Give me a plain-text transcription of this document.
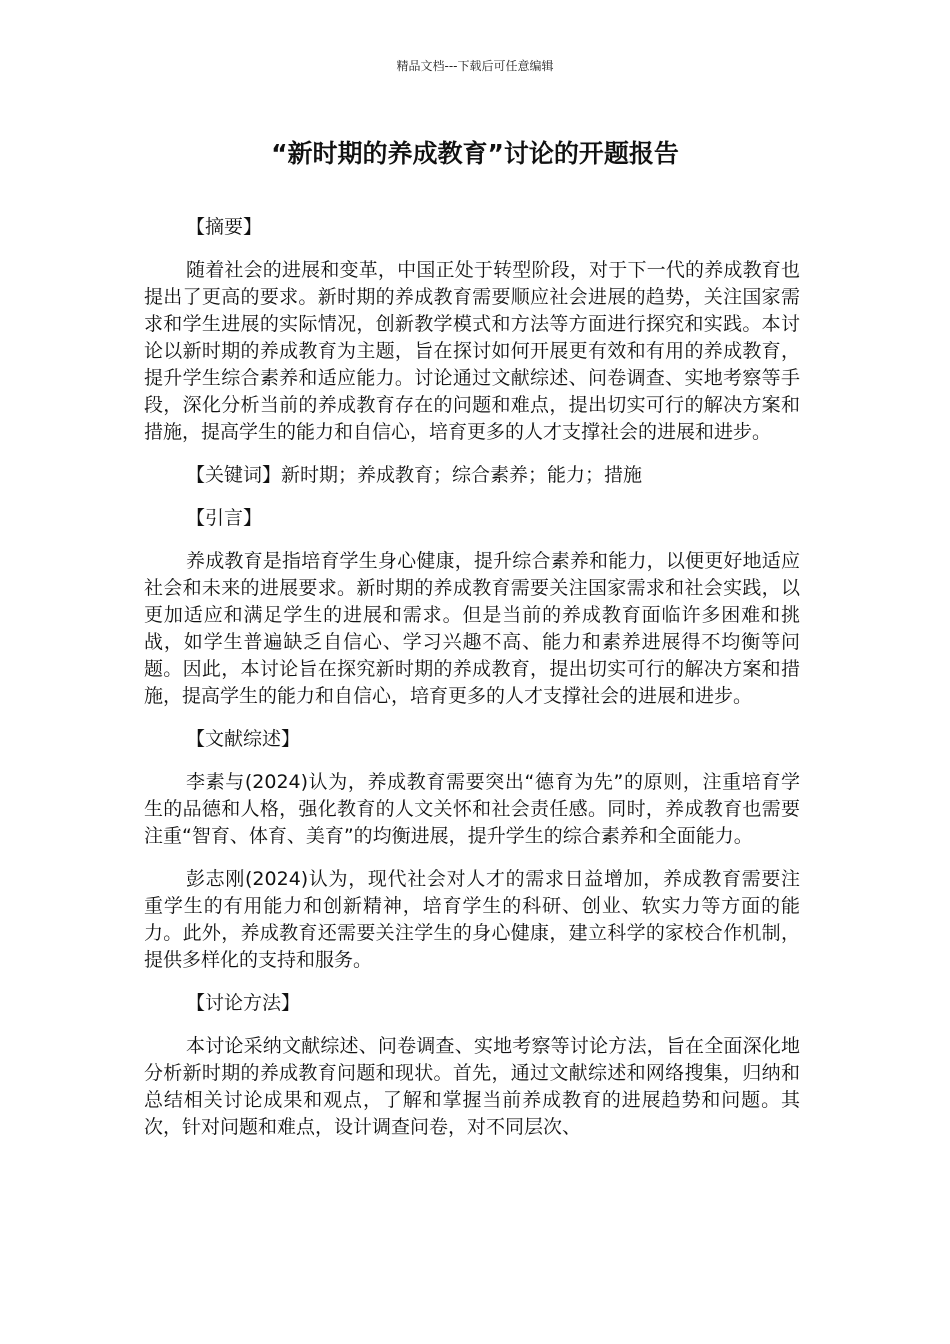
精品文档---下载后可任意编辑
“新时期的养成教育”讨论的开题报告

【摘要】

随着社会的进展和变革，中国正处于转型阶段，对于下一代的养成教育也提出了更高的要求。新时期的养成教育需要顺应社会进展的趋势，关注国家需求和学生进展的实际情况，创新教学模式和方法等方面进行探究和实践。本讨论以新时期的养成教育为主题，旨在探讨如何开展更有效和有用的养成教育，提升学生综合素养和适应能力。讨论通过文献综述、问卷调查、实地考察等手段，深化分析当前的养成教育存在的问题和难点，提出切实可行的解决方案和措施，提高学生的能力和自信心，培育更多的人才支撑社会的进展和进步。

【关键词】新时期；养成教育；综合素养；能力；措施

【引言】

养成教育是指培育学生身心健康，提升综合素养和能力，以便更好地适应社会和未来的进展要求。新时期的养成教育需要关注国家需求和社会实践，以更加适应和满足学生的进展和需求。但是当前的养成教育面临许多困难和挑战，如学生普遍缺乏自信心、学习兴趣不高、能力和素养进展得不均衡等问题。因此，本讨论旨在探究新时期的养成教育，提出切实可行的解决方案和措施，提高学生的能力和自信心，培育更多的人才支撑社会的进展和进步。

【文献综述】

李素与(2024)认为，养成教育需要突出“德育为先”的原则，注重培育学生的品德和人格，强化教育的人文关怀和社会责任感。同时，养成教育也需要注重“智育、体育、美育”的均衡进展，提升学生的综合素养和全面能力。

彭志刚(2024)认为，现代社会对人才的需求日益增加，养成教育需要注重学生的有用能力和创新精神，培育学生的科研、创业、软实力等方面的能力。此外，养成教育还需要关注学生的身心健康，建立科学的家校合作机制，提供多样化的支持和服务。

【讨论方法】

本讨论采纳文献综述、问卷调查、实地考察等讨论方法，旨在全面深化地分析新时期的养成教育问题和现状。首先，通过文献综述和网络搜集，归纳和总结相关讨论成果和观点，了解和掌握当前养成教育的进展趋势和问题。其次，针对问题和难点，设计调查问卷，对不同层次、
